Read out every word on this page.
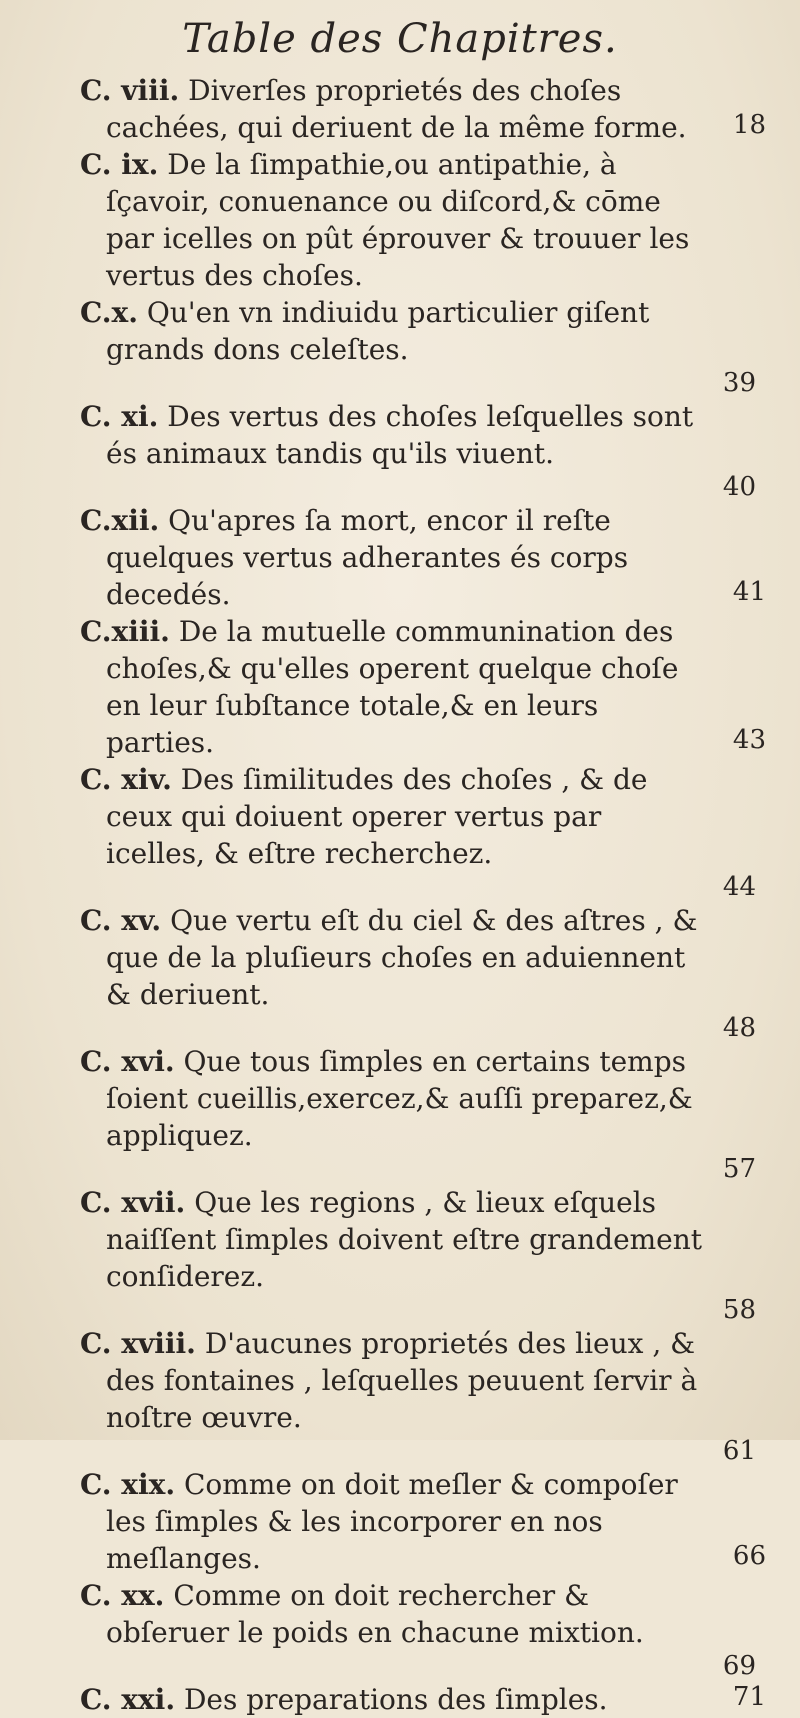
Table des Chapitres.
C. viii. Diverſes proprietés des choſes cachées, qui deriuent de la même forme. 18
C. ix. De la ſimpathie,ou antipathie, à ſçavoir, conuenance ou diſcord,& cōme par icelles on pût éprouver & trouuer les vertus des choſes.
C.x. Qu'en vn indiuidu particulier giſent grands dons celeſtes.
39
C. xi. Des vertus des choſes leſquelles sont és animaux tandis qu'ils viuent.
40
C.xii. Qu'apres ſa mort, encor il reſte quelques vertus adherantes és corps decedés.	41
C.xiii. De la mutuelle communination des choſes,& qu'elles operent quelque choſe en leur ſubſtance totale,& en leurs parties.	43
C. xiv. Des ſimilitudes des choſes , & de ceux qui doiuent operer vertus par icelles, & eſtre recherchez.
44
C. xv. Que vertu eſt du ciel & des aſtres , & que de la pluſieurs choſes en aduiennent & deriuent.
48
C. xvi. Que tous ſimples en certains temps ſoient cueillis,exercez,& auſſi preparez,& appliquez.
57
C. xvii. Que les regions , & lieux eſquels naiſſent ſimples doivent eſtre grandement conſiderez.
58
C. xviii. D'aucunes proprietés des lieux , & des fontaines , leſquelles peuuent ſervir à noſtre œuvre.
61
C. xix. Comme on doit meſler & compoſer les ſimples & les incorporer en nos meſlanges.	66
C. xx. Comme on doit rechercher & obſeruer le poids en chacune mixtion.
69
C. xxi. Des preparations des ſimples.	71
